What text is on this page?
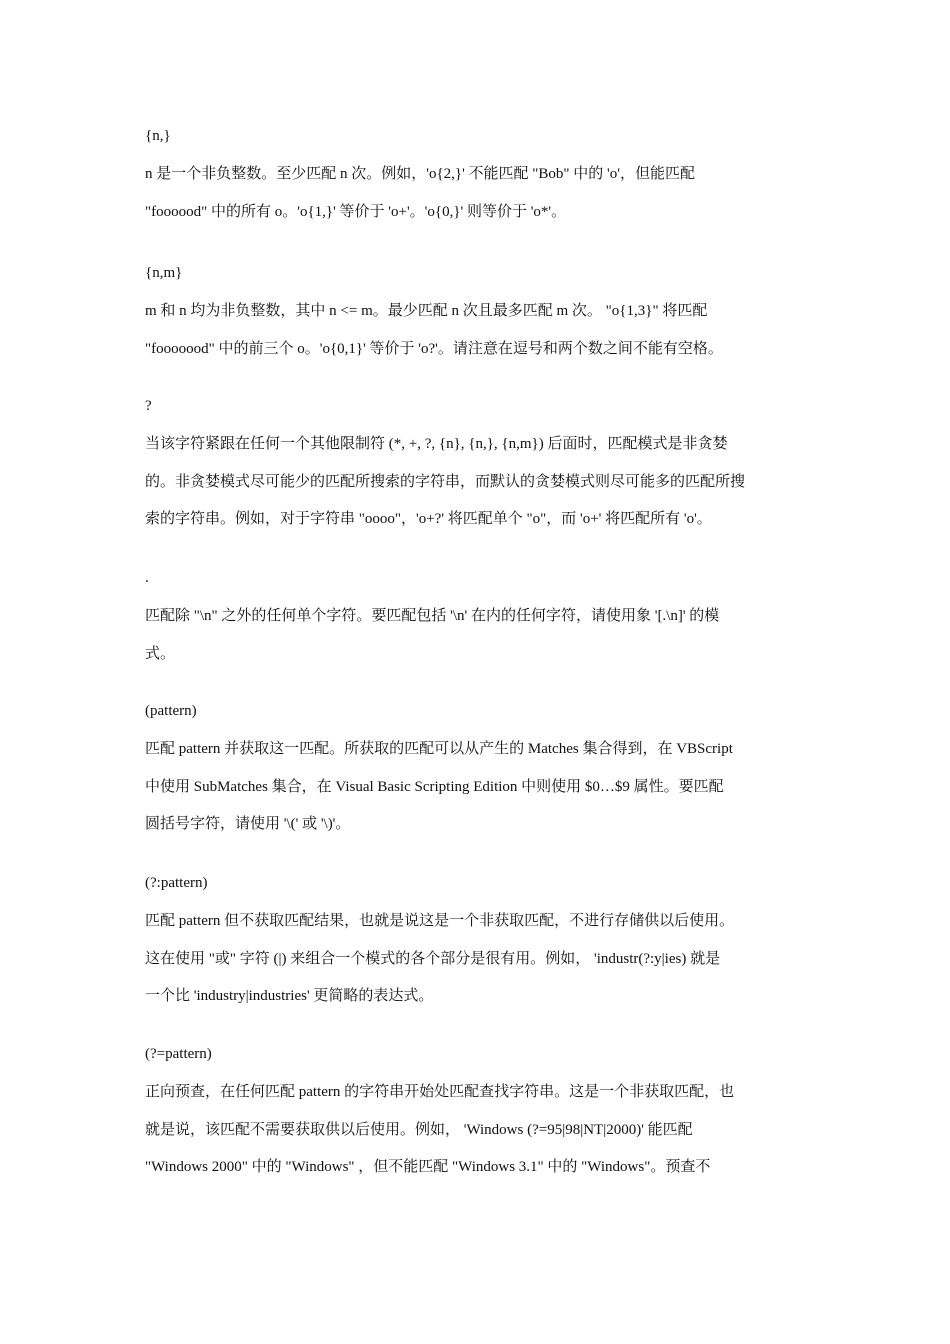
{n,}

n 是一个非负整数。至少匹配 n 次。例如，'o{2,}' 不能匹配 "Bob" 中的 'o'，但能匹配
"foooood" 中的所有 o。'o{1,}' 等价于 'o+'。'o{0,}' 则等价于 'o*'。

{n,m}

m 和 n 均为非负整数，其中 n <= m。最少匹配 n 次且最多匹配 m 次。 "o{1,3}" 将匹配
"fooooood" 中的前三个 o。'o{0,1}' 等价于 'o?'。请注意在逗号和两个数之间不能有空格。

?

当该字符紧跟在任何一个其他限制符 (*, +, ?, {n}, {n,}, {n,m}) 后面时，匹配模式是非贪婪
的。非贪婪模式尽可能少的匹配所搜索的字符串，而默认的贪婪模式则尽可能多的匹配所搜
索的字符串。例如，对于字符串 "oooo"，'o+?' 将匹配单个 "o"，而 'o+' 将匹配所有 'o'。

.

匹配除 "\n" 之外的任何单个字符。要匹配包括 '\n' 在内的任何字符，请使用象 '[.\n]' 的模
式。

(pattern)

匹配 pattern 并获取这一匹配。所获取的匹配可以从产生的 Matches 集合得到，在 VBScript
中使用 SubMatches 集合，在 Visual Basic Scripting Edition 中则使用 $0…$9 属性。要匹配
圆括号字符，请使用 '\(' 或 '\)'。

(?:pattern)

匹配 pattern 但不获取匹配结果，也就是说这是一个非获取匹配，不进行存储供以后使用。
这在使用 "或" 字符 (|) 来组合一个模式的各个部分是很有用。例如， 'industr(?:y|ies) 就是
一个比 'industry|industries' 更简略的表达式。

(?=pattern)

正向预查，在任何匹配 pattern 的字符串开始处匹配查找字符串。这是一个非获取匹配，也
就是说，该匹配不需要获取供以后使用。例如， 'Windows (?=95|98|NT|2000)' 能匹配
"Windows 2000" 中的 "Windows" ，但不能匹配 "Windows 3.1" 中的 "Windows"。预查不
